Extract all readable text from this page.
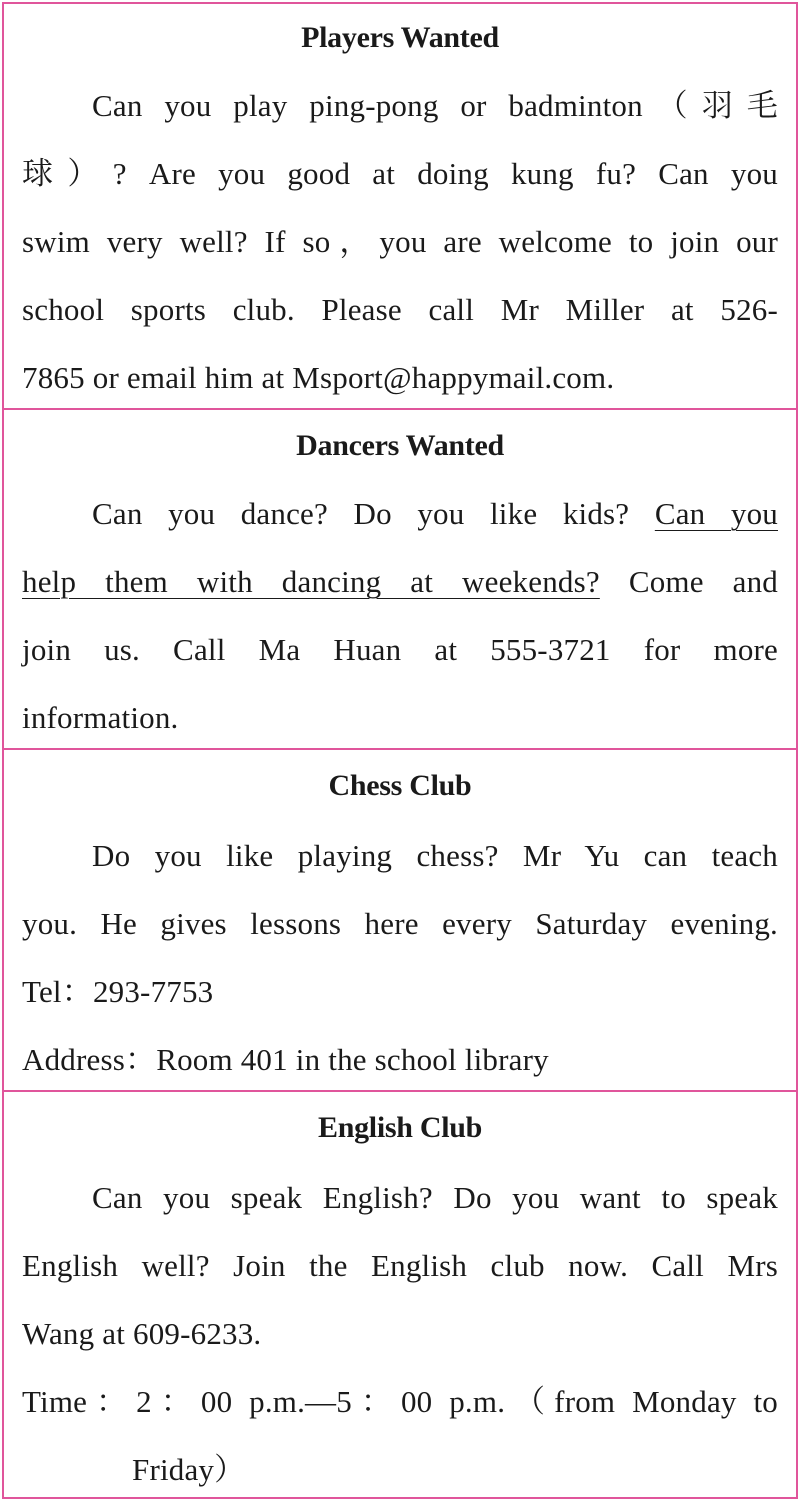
Players Wanted
Can you play ping-pong or badminton（羽毛
球）? Are you good at doing kung fu? Can you
swim very well? If so，you are welcome to join our
school sports club. Please call Mr Miller at 526-
7865 or email him at Msport@happymail.com.
Dancers Wanted
Can you dance? Do you like kids? Can you
help them with dancing at weekends? Come and
join us. Call Ma Huan at 555-3721 for more
information.
Chess Club
Do you like playing chess? Mr Yu can teach
you. He gives lessons here every Saturday evening.
Tel：293-7753
Address：Room 401 in the school library
English Club
Can you speak English? Do you want to speak
English well? Join the English club now. Call Mrs
Wang at 609-6233.
Time：2：00 p.m.—5：00 p.m.（from Monday to
Friday）
